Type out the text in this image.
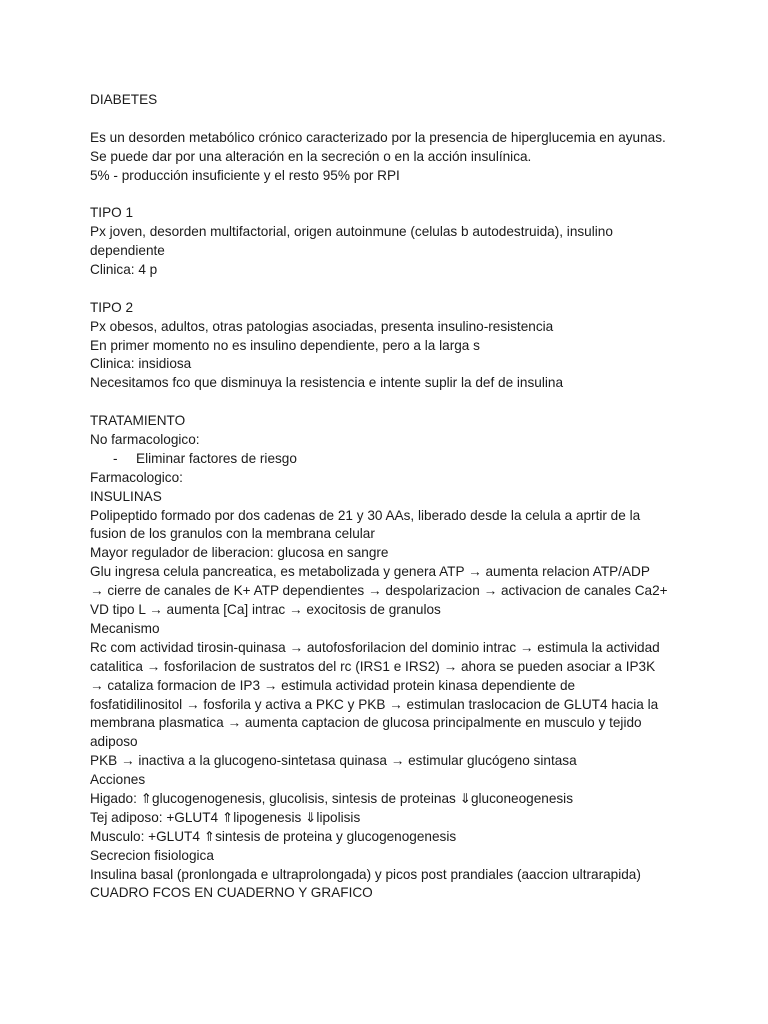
DIABETES
Es un desorden metabólico crónico caracterizado por la presencia de hiperglucemia en ayunas.
Se puede dar por una alteración en la secreción o en la acción insulínica.
5% - producción insuficiente y el resto 95% por RPI
TIPO 1
Px joven, desorden multifactorial, origen autoinmune (celulas b autodestruida), insulino
dependiente
Clinica: 4 p
TIPO 2
Px obesos, adultos, otras patologias asociadas, presenta insulino-resistencia
En primer momento no es insulino dependiente, pero a la larga s
Clinica: insidiosa
Necesitamos fco que disminuya la resistencia e intente suplir la def de insulina
TRATAMIENTO
No farmacologico:
- Eliminar factores de riesgo
Farmacologico:
INSULINAS
Polipeptido formado por dos cadenas de 21 y 30 AAs, liberado desde la celula a aprtir de la
fusion de los granulos con la membrana celular
Mayor regulador de liberacion: glucosa en sangre
Glu ingresa celula pancreatica, es metabolizada y genera ATP → aumenta relacion ATP/ADP
→ cierre de canales de K+ ATP dependientes → despolarizacion → activacion de canales Ca2+
VD tipo L → aumenta [Ca] intrac → exocitosis de granulos
Mecanismo
Rc com actividad tirosin-quinasa → autofosforilacion del dominio intrac → estimula la actividad
catalitica → fosforilacion de sustratos del rc (IRS1 e IRS2) → ahora se pueden asociar a IP3K
→ cataliza formacion de IP3 → estimula actividad protein kinasa dependiente de
fosfatidilinositol → fosforila y activa a PKC y PKB → estimulan traslocacion de GLUT4 hacia la
membrana plasmatica → aumenta captacion de glucosa principalmente en musculo y tejido
adiposo
PKB → inactiva a la glucogeno-sintetasa quinasa → estimular glucógeno sintasa
Acciones
Higado: ⇑glucogenogenesis, glucolisis, sintesis de proteinas ⇓gluconeogenesis
Tej adiposo: +GLUT4 ⇑lipogenesis ⇓lipolisis
Musculo: +GLUT4 ⇑sintesis de proteina y glucogenogenesis
Secrecion fisiologica
Insulina basal (pronlongada e ultraprolongada) y picos post prandiales (aaccion ultrarapida)
CUADRO FCOS EN CUADERNO Y GRAFICO
